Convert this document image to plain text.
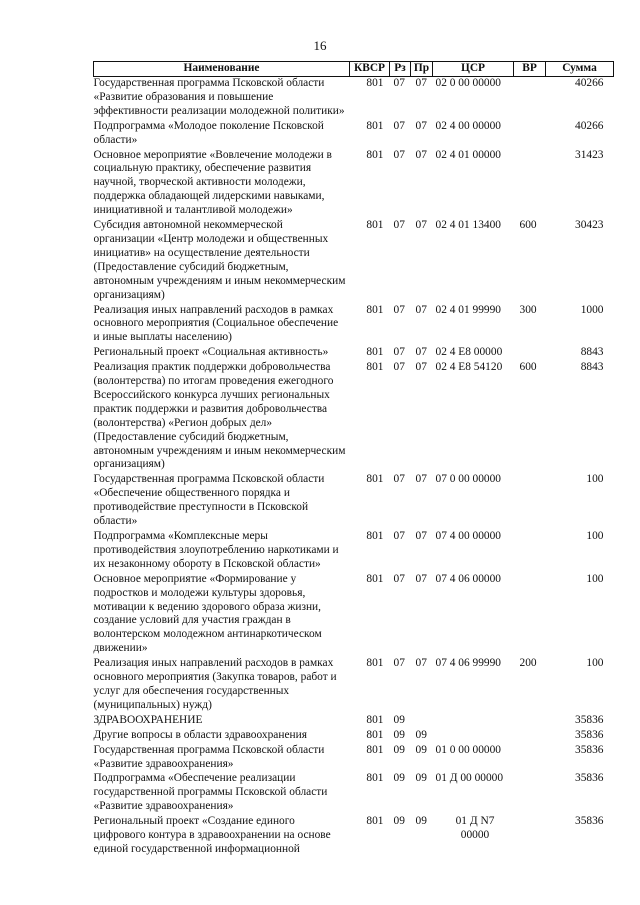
16
Наименование	КВСР	Рз	Пр	ЦСР	ВР	Сумма
Государственная программа Псковской области «Развитие образования и повышение эффективности реализации молодежной политики»	801	07	07	02 0 00 00000		40266
Подпрограмма «Молодое поколение Псковской области»	801	07	07	02 4 00 00000		40266
Основное мероприятие «Вовлечение молодежи в социальную практику, обеспечение развития научной, творческой активности молодежи, поддержка обладающей лидерскими навыками, инициативной и талантливой молодежи»	801	07	07	02 4 01 00000		31423
Субсидия автономной некоммерческой организации «Центр молодежи и общественных инициатив» на осуществление деятельности (Предоставление субсидий бюджетным, автономным учреждениям и иным некоммерческим организациям)	801	07	07	02 4 01 13400	600	30423
Реализация иных направлений расходов в рамках основного мероприятия (Социальное обеспечение и иные выплаты населению)	801	07	07	02 4 01 99990	300	1000
Региональный проект «Социальная активность»	801	07	07	02 4 E8 00000		8843
Реализация практик поддержки добровольчества (волонтерства) по итогам проведения ежегодного Всероссийского конкурса лучших региональных практик поддержки и развития добровольчества (волонтерства) «Регион добрых дел» (Предоставление субсидий бюджетным, автономным учреждениям и иным некоммерческим организациям)	801	07	07	02 4 E8 54120	600	8843
Государственная программа Псковской области «Обеспечение общественного порядка и противодействие преступности в Псковской области»	801	07	07	07 0 00 00000		100
Подпрограмма «Комплексные меры противодействия злоупотреблению наркотиками и их незаконному обороту в Псковской области»	801	07	07	07 4 00 00000		100
Основное мероприятие «Формирование у подростков и молодежи культуры здоровья, мотивации к ведению здорового образа жизни, создание условий для участия граждан в волонтерском молодежном антинаркотическом движении»	801	07	07	07 4 06 00000		100
Реализация иных направлений расходов в рамках основного мероприятия (Закупка товаров, работ и услуг для обеспечения государственных (муниципальных) нужд)	801	07	07	07 4 06 99990	200	100
ЗДРАВООХРАНЕНИЕ	801	09				35836
Другие вопросы в области здравоохранения	801	09	09			35836
Государственная программа Псковской области «Развитие здравоохранения»	801	09	09	01 0 00 00000		35836
Подпрограмма «Обеспечение реализации государственной программы Псковской области «Развитие здравоохранения»	801	09	09	01 Д 00 00000		35836
Региональный проект «Создание единого цифрового контура в здравоохранении на основе единой государственной информационной	801	09	09	01 Д N7 00000		35836
